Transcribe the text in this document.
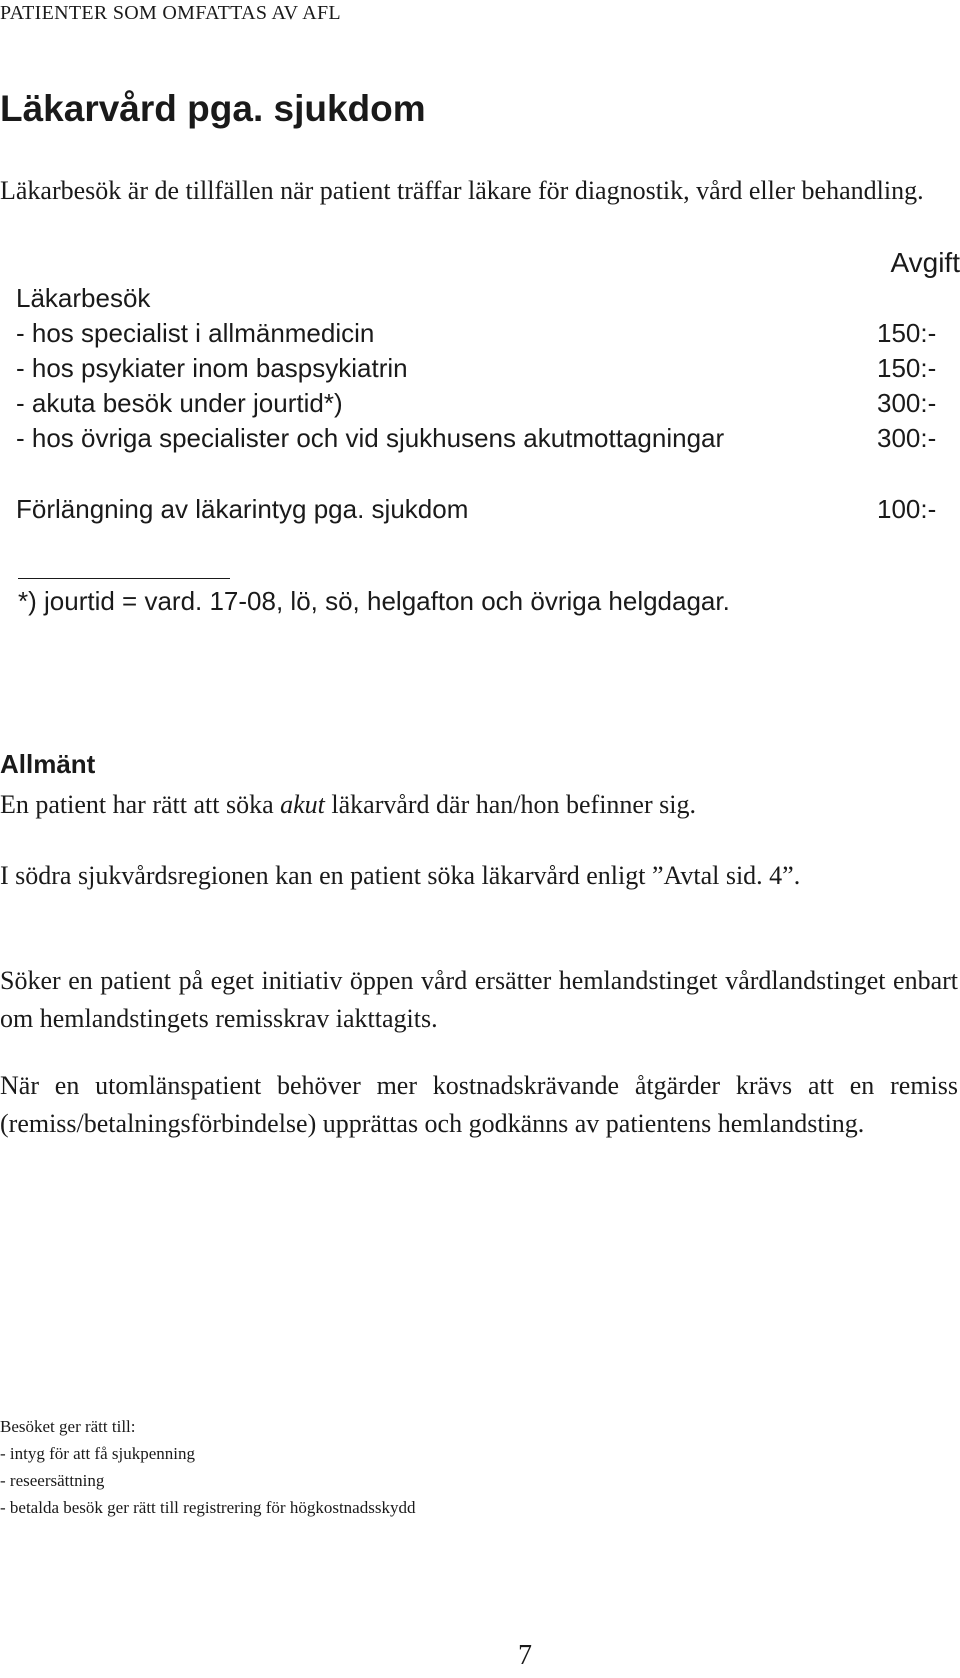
PATIENTER SOM OMFATTAS AV AFL
Läkarvård pga. sjukdom
Läkarbesök är de tillfällen när patient träffar läkare för diagnostik, vård eller behandling.
Avgift
Läkarbesök
- hos specialist i allmänmedicin	150:-
- hos psykiater inom baspsykiatrin	150:-
- akuta besök under jourtid*)	300:-
- hos övriga specialister och vid sjukhusens akutmottagningar	300:-
Förlängning av läkarintyg pga. sjukdom	100:-
*) jourtid = vard. 17-08, lö, sö, helgafton och övriga helgdagar.
Allmänt
En patient har rätt att söka akut läkarvård där han/hon befinner sig.
I södra sjukvårdsregionen kan en patient söka läkarvård enligt ”Avtal sid. 4”.
Söker en patient på eget initiativ öppen vård ersätter hemlandstinget vårdlandstinget enbart om hemlandstingets remisskrav iakttagits.
När en utomlänspatient behöver mer kostnadskrävande åtgärder krävs att en remiss (remiss/betalningsförbindelse) upprättas och godkänns av patientens hemlandsting.
Besöket ger rätt till:
- intyg för att få sjukpenning
- reseersättning
- betalda besök ger rätt till registrering för högkostnadsskydd
7
